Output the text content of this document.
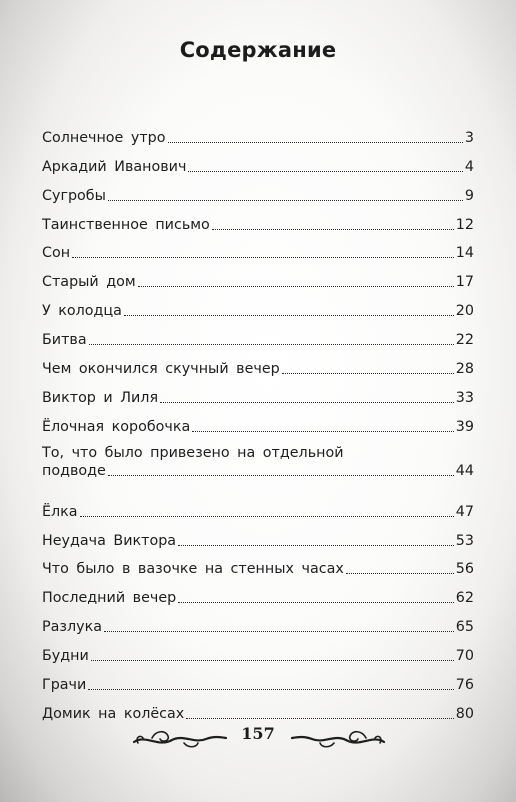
Содержание
Солнечное утро	3
Аркадий Иванович	4
Сугробы	9
Таинственное письмо	12
Сон	14
Старый дом	17
У колодца	20
Битва	22
Чем окончился скучный вечер	28
Виктор и Лиля	33
Ёлочная коробочка	39
То, что было привезено на отдельной
подводе	44
Ёлка	47
Неудача Виктора	53
Что было в вазочке на стенных часах	56
Последний вечер	62
Разлука	65
Будни	70
Грачи	76
Домик на колёсах	80
157
